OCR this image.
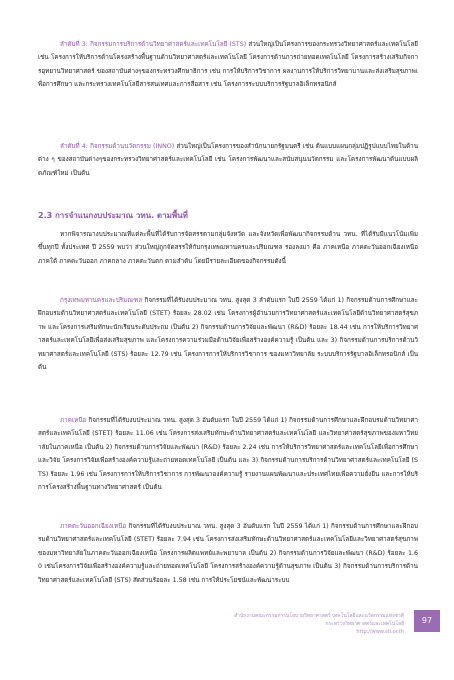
ลำดับที่ 3: กิจกรรมการบริการด้านวิทยาศาสตร์และเทคโนโลยี (STS) ส่วนใหญ่เป็นโครงการของกระทรวงวิทยาศาสตร์และเทคโนโลยี เช่น โครงการให้บริการด้านโครงสร้างพื้นฐานด้านวิทยาศาสตร์และเทคโนโลยี โครงการด้านการถ่ายทอดเทคโนโลยี โครงการสร้างเสริมกิจการอุทยานวิทยาศาสตร์ ของสถาบันต่างๆของกระทรวงศึกษาธิการ เช่น การให้บริการวิชาการ ผลงานการให้บริการวิทยาบานและส่งเสริมสุขภาพเพื่อการศึกษา และกระทรวงเทคโนโลยีสารสนเทศและการสื่อสาร เช่น โครงการระบบบริการรัฐบาลอิเล็กทรอนิกส์

ลำดับที่ 4: กิจกรรมด้านนวัตกรรม (INNO) ส่วนใหญ่เป็นโครงการของสำนักนายกรัฐมนตรี เช่น ต้นแบบแผนกลุ่มปฏิรูปแบบไทยในด้านต่าง ๆ ของสถาบันต่างๆของกระทรวงวิทยาศาสตร์และเทคโนโลยี เช่น โครงการพัฒนาและสนับสนุนนวัตกรรม และโครงการพัฒนาต้นแบบผลิตภัณฑ์ใหม่ เป็นต้น

2.3 การจำแนกงบประมาณ วทน. ตามพื้นที่

หากพิจารณางบประมาณที่แต่ละพื้นที่ได้รับการจัดสรรตามกลุ่มจังหวัด และจังหวัดเพื่อพัฒนากิจกรรมด้าน วทน. ที่ได้รับมีแนวโน้มเพิ่มขึ้นทุกปี ทั้งประเทศ ปี 2559 พบว่า ส่วนใหญ่ถูกจัดสรรให้กับกรุงเทพมหานครและปริมณฑล รองลงมา คือ ภาคเหนือ ภาคตะวันออกเฉียงเหนือ ภาคใต้ ภาคตะวันออก ภาคกลาง ภาคตะวันตก ตามลำดับ โดยมีรายละเอียดของกิจกรรมดังนี้

กรุงเทพมหานครและปริมณฑล กิจกรรมที่ได้รับงบประมาณ วทน. สูงสุด 3 ลำดับแรก ในปี 2559 ได้แก่ 1) กิจกรรมด้านการศึกษาและฝึกอบรมด้านวิทยาศาสตร์และเทคโนโลยี (STET) ร้อยละ 28.02 เช่น โครงการผู้อำนวยการวิทยาศาสตร์และเทคโนโลยีด้านวิทยาศาสตร์สุขภาพ และโครงการเสริมทักษะนักเรียนระดับประถม เป็นต้น 2) กิจกรรมด้านการวิจัยและพัฒนา (R&D) ร้อยละ 18.44 เช่น การให้บริการวิทยาศาสตร์และเทคโนโลยีเพื่อส่งเสริมสุขภาพ และโครงการความร่วมมือด้านวิจัยเพื่อสร้างองค์ความรู้ เป็นต้น และ 3) กิจกรรมด้านการบริการด้านวิทยาศาสตร์และเทคโนโลยี (STS) ร้อยละ 12.79 เช่น โครงการการให้บริการวิชาการ ของมหาวิทยาลัย ระบบบริการรัฐบาลอิเล็กทรอนิกส์ เป็นต้น

ภาคเหนือ กิจกรรมที่ได้รับงบประมาณ วทน. สูงสุด 3 อันดับแรก ในปี 2559 ได้แก่ 1) กิจกรรมด้านการศึกษาและฝึกอบรมด้านวิทยาศาสตร์และเทคโนโลยี (STET) ร้อยละ 11.06 เช่น โครงการส่งเสริมทักษะด้านวิทยาศาสตร์และเทคโนโลยี และวิทยาศาสตร์สุขภาพของมหาวิทยาลัยในภาคเหนือ เป็นต้น 2) กิจกรรมด้านการวิจัยและพัฒนา (R&D) ร้อยละ 2.24 เช่น การให้บริการวิทยาศาสตร์และเทคโนโลยีเพื่อการศึกษาและวิจัย โครงการวิจัยเพื่อสร้างองค์ความรู้และถ่ายทอดเทคโนโลยี เป็นต้น และ 3) กิจกรรมด้านการบริการด้านวิทยาศาสตร์และเทคโนโลยี (STS) ร้อยละ 1.96 เช่น โครงการการให้บริการวิชาการ การพัฒนาองค์ความรู้ รายงานแผนพัฒนาและประเทศไทยเพื่อความยั่งยืน และการให้บริการโครงสร้างพื้นฐานทางวิทยาศาสตร์ เป็นต้น

ภาคตะวันออกเฉียงเหนือ กิจกรรมที่ได้รับงบประมาณ วทน. สูงสุด 3 อันดับแรก ในปี 2559 ได้แก่ 1) กิจกรรมด้านการศึกษาและฝึกอบรมด้านวิทยาศาสตร์และเทคโนโลยี (STET) ร้อยละ 7.94 เช่น โครงการส่งเสริมทักษะด้านวิทยาศาสตร์และเทคโนโลยีและวิทยาศาสตร์สุขภาพของมหาวิทยาลัยในภาคตะวันออกเฉียงเหนือ โครงการผลิตแพทย์และพยาบาล เป็นต้น 2) กิจกรรมด้านการวิจัยและพัฒนา (R&D) ร้อยละ 1.60 เช่นโครงการวิจัยเพื่อสร้างองค์ความรู้และถ่ายทอดเทคโนโลยี โครงการสร้างองค์ความรู้ด้านสุขภาพ เป็นต้น 3) กิจกรรมด้านการบริการด้านวิทยาศาสตร์และเทคโนโลยี (STS) สัดส่วนร้อยละ 1.58 เช่น การให้ประโยชน์และพัฒนาระบบ

สำนักงานคณะกรรมการนโยบายวิทยาศาสตร์ เทคโนโลยีและนวัตกรรมแห่งชาติ
กระทรวงวิทยาศาสตร์และเทคโนโลยี
http://www.sti.or.th
97
